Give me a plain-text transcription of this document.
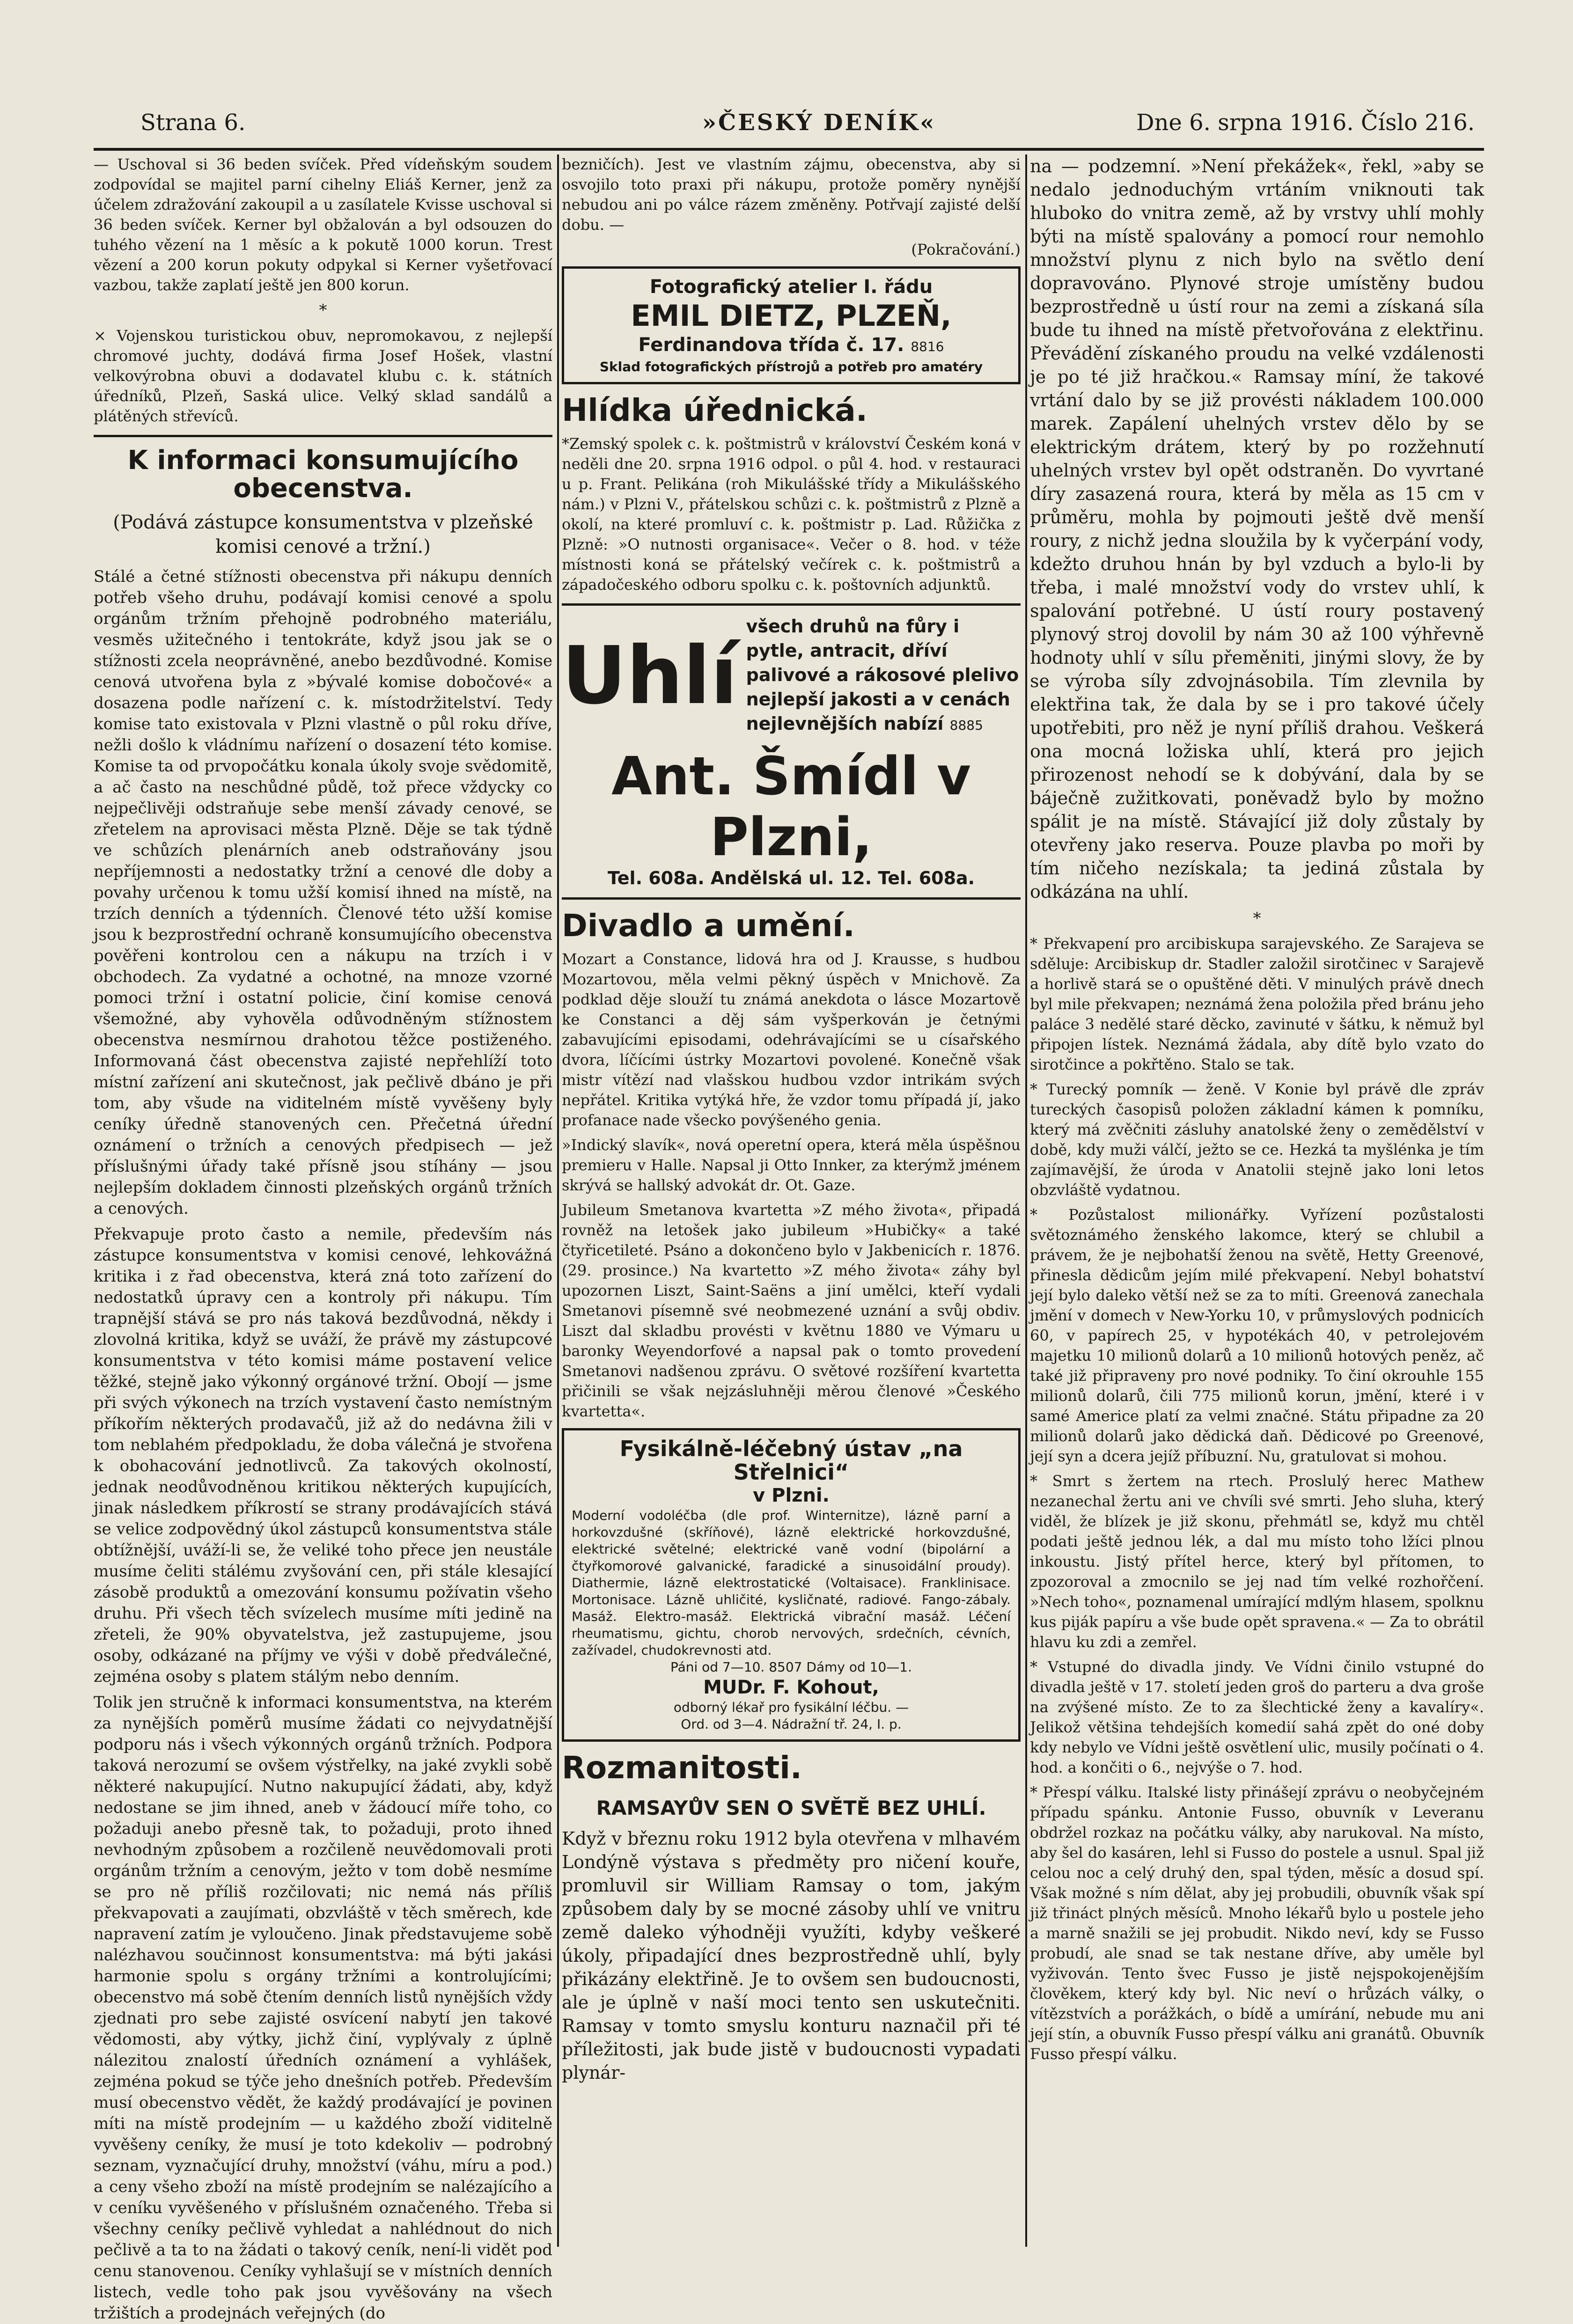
Strana 6.	»ČESKÝ DENÍK«	Dne 6. srpna 1916. Číslo 216.

— Uschoval si 36 beden svíček. Před vídeňským soudem zodpovídal se majitel parní cihelny Eliáš Kerner, jenž za účelem zdražování zakoupil a u zasílatele Kvisse uschoval si 36 beden svíček. Kerner byl obžalován a byl odsouzen do tuhého vězení na 1 měsíc a k pokutě 1000 korun. Trest vězení a 200 korun pokuty odpykal si Kerner vyšetřovací vazbou, takže zaplatí ještě jen 800 korun.

*

× Vojenskou turistickou obuv, nepromokavou, z nejlepší chromové juchty, dodává firma Josef Hošek, vlastní velkovýrobna obuvi a dodavatel klubu c. k. státních úředníků, Plzeň, Saská ulice. Velký sklad sandálů a plátěných střevíců.

K informaci konsumujícího obecenstva.

(Podává zástupce konsumentstva v plzeňské komisi cenové a tržní.)

Stálé a četné stížnosti obecenstva při nákupu denních potřeb všeho druhu, podávají komisi cenové a spolu orgánům tržním přehojně podrobného materiálu, vesměs užitečného i tentokráte, když jsou jak se o stížnosti zcela neoprávněné, anebo bezdůvodné. Komise cenová utvořena byla z »bývalé komise dobočové« a dosazena podle nařízení c. k. místodržitelství. Tedy komise tato existovala v Plzni vlastně o půl roku dříve, nežli došlo k vládnímu nařízení o dosazení této komise. Komise ta od prvopočátku konala úkoly svoje svědomitě, a ač často na neschůdné půdě, tož přece vždycky co nejpečlivěji odstraňuje sebe menší závady cenové, se zřetelem na aprovisaci města Plzně. Děje se tak týdně ve schůzích plenárních aneb odstraňovány jsou nepříjemnosti a nedostatky tržní a cenové dle doby a povahy určenou k tomu užší komisí ihned na místě, na trzích denních a týdenních. Členové této užší komise jsou k bezprostřední ochraně konsumujícího obecenstva pověřeni kontrolou cen a nákupu na trzích i v obchodech. Za vydatné a ochotné, na mnoze vzorné pomoci tržní i ostatní policie, činí komise cenová všemožné, aby vyhověla odůvodněným stížnostem obecenstva nesmírnou drahotou těžce postiženého. Informovaná část obecenstva zajisté nepřehlíží toto místní zařízení ani skutečnost, jak pečlivě dbáno je při tom, aby všude na viditelném místě vyvěšeny byly ceníky úředně stanovených cen. Přečetná úřední oznámení o tržních a cenových předpisech — jež příslušnými úřady také přísně jsou stíhány — jsou nejlepším dokladem činnosti plzeňských orgánů tržních a cenových.

Překvapuje proto často a nemile, především nás zástupce konsumentstva v komisi cenové, lehkovážná kritika i z řad obecenstva, která zná toto zařízení do nedostatků úpravy cen a kontroly při nákupu. Tím trapnější stává se pro nás taková bezdůvodná, někdy i zlovolná kritika, když se uváží, že právě my zástupcové konsumentstva v této komisi máme postavení velice těžké, stejně jako výkonný orgánové tržní. Obojí — jsme při svých výkonech na trzích vystavení často nemístným příkořím některých prodavačů, již až do nedávna žili v tom neblahém předpokladu, že doba válečná je stvořena k obohacování jednotlivců. Za takových okolností, jednak neodůvodněnou kritikou některých kupujících, jinak následkem příkrostí se strany prodávajících stává se velice zodpovědný úkol zástupců konsumentstva stále obtížnější, uváží-li se, že veliké toho přece jen neustále musíme čeliti stálému zvyšování cen, při stále klesající zásobě produktů a omezování konsumu požívatin všeho druhu. Při všech těch svízelech musíme míti jedině na zřeteli, že 90% obyvatelstva, jež zastupujeme, jsou osoby, odkázané na příjmy ve výši v době předválečné, zejména osoby s platem stálým nebo denním.

Tolik jen stručně k informaci konsumentstva, na kterém za nynějších poměrů musíme žádati co nejvydatnější podporu nás i všech výkonných orgánů tržních. Podpora taková nerozumí se ovšem výstřelky, na jaké zvykli sobě některé nakupující. Nutno nakupující žádati, aby, když nedostane se jim ihned, aneb v žádoucí míře toho, co požaduji anebo přesně tak, to požaduji, proto ihned nevhodným způsobem a rozčileně neuvědomovali proti orgánům tržním a cenovým, ježto v tom době nesmíme se pro ně příliš rozčilovati; nic nemá nás příliš překvapovati a zaujímati, obzvláště v těch směrech, kde napravení zatím je vyloučeno. Jinak představujeme sobě nalézhavou součinnost konsumentstva: má býti jakási harmonie spolu s orgány tržními a kontrolujícími; obecenstvo má sobě čtením denních listů nynějších vždy zjednati pro sebe zajisté osvícení nabytí jen takové vědomosti, aby výtky, jichž činí, vyplývaly z úplně nálezitou znalostí úředních oznámení a vyhlášek, zejména pokud se týče jeho dnešních potřeb. Především musí obecenstvo vědět, že každý prodávající je povinen míti na místě prodejním — u každého zboží viditelně vyvěšeny ceníky, že musí je toto kdekoliv — podrobný seznam, vyznačující druhy, množství (váhu, míru a pod.) a ceny všeho zboží na místě prodejním se nalézajícího a v ceníku vyvěšeného v příslušném označeného. Třeba si všechny ceníky pečlivě vyhledat a nahlédnout do nich pečlivě a ta to na žádati o takový ceník, není-li vidět pod cenu stanovenou. Ceníky vyhlašují se v místních denních listech, vedle toho pak jsou vyvěšovány na všech tržištích a prodejnách veřejných (do

bezničích). Jest ve vlastním zájmu, obecenstva, aby si osvojilo toto praxi při nákupu, protože poměry nynější nebudou ani po válce rázem změněny. Potřvají zajisté delší dobu. —

(Pokračování.)

Fotografický atelier I. řádu
EMIL DIETZ, PLZEŇ,
Ferdinandova třída č. 17. 8816
Sklad fotografických přístrojů a potřeb pro amatéry
Hlídka úřednická.

*Zemský spolek c. k. poštmistrů v království Českém koná v neděli dne 20. srpna 1916 odpol. o půl 4. hod. v restauraci u p. Frant. Pelikána (roh Mikulášské třídy a Mikulášského nám.) v Plzni V., přátelskou schůzi c. k. poštmistrů z Plzně a okolí, na které promluví c. k. poštmistr p. Lad. Růžička z Plzně: »O nutnosti organisace«. Večer o 8. hod. v téže místnosti koná se přátelský večírek c. k. poštmistrů a západočeského odboru spolku c. k. poštovních adjunktů.

Uhlí
všech druhů na fůry i pytle, antracit, dříví palivové a rákosové plelivo nejlepší jakosti a v cenách nejlevnějších nabízí 8885
Ant. Šmídl v Plzni,

Tel. 608a. Andělská ul. 12. Tel. 608a.

Divadlo a umění.

Mozart a Constance, lidová hra od J. Krausse, s hudbou Mozartovou, měla velmi pěkný úspěch v Mnichově. Za podklad děje slouží tu známá anekdota o lásce Mozartově ke Constanci a děj sám vyšperkován je četnými zabavujícími episodami, odehrávajícími se u císařského dvora, líčícími ústrky Mozartovi povolené. Konečně však mistr vítězí nad vlašskou hudbou vzdor intrikám svých nepřátel. Kritika vytýká hře, že vzdor tomu případá jí, jako profanace nade všecko povýšeného genia.

»Indický slavík«, nová operetní opera, která měla úspěšnou premieru v Halle. Napsal ji Otto Innker, za kterýmž jménem skrývá se hallský advokát dr. Ot. Gaze.

Jubileum Smetanova kvartetta »Z mého života«, připadá rovněž na letošek jako jubileum »Hubičky« a také čtyřicetileté. Psáno a dokončeno bylo v Jakbenicích r. 1876. (29. prosince.) Na kvartetto »Z mého života« záhy byl upozornen Liszt, Saint-Saëns a jiní umělci, kteří vydali Smetanovi písemně své neobmezené uznání a svůj obdiv. Liszt dal skladbu provésti v květnu 1880 ve Výmaru u baronky Weyendorfové a napsal pak o tomto provedení Smetanovi nadšenou zprávu. O světové rozšíření kvartetta přičinili se však nejzásluhněji měrou členové »Českého kvartetta«.

Fysikálně-léčebný ústav „na Střelnici“
v Plzni.
Moderní vodoléčba (dle prof. Winternitze), lázně parní a horkovzdušné (skříňové), lázně elektrické horkovzdušné, elektrické světelné; elektrické vaně vodní (bipolární a čtyřkomorové galvanické, faradické a sinusoidální proudy). Diathermie, lázně elektrostatické (Voltaisace). Franklinisace. Mortonisace. Lázně uhličité, kysličnaté, radiové. Fango-zábaly. Masáž. Elektro-masáž. Elektrická vibrační masáž. Léčení rheumatismu, gichtu, chorob nervových, srdečních, cévních, zažívadel, chudokrevnosti atd.
Páni od 7—10. 8507 Dámy od 10—1.
MUDr. F. Kohout,
odborný lékař pro fysikální léčbu. —
Ord. od 3—4. Nádražní tř. 24, I. p.
Rozmanitosti.
RAMSAYŮV SEN O SVĚTĚ BEZ UHLÍ.

Když v březnu roku 1912 byla otevřena v mlhavém Londýně výstava s předměty pro ničení kouře, promluvil sir William Ramsay o tom, jakým způsobem daly by se mocné zásoby uhlí ve vnitru země daleko výhodněji využíti, kdyby veškeré úkoly, připadající dnes bezprostředně uhlí, byly přikázány elektřině. Je to ovšem sen budoucnosti, ale je úplně v naší moci tento sen uskutečniti. Ramsay v tomto smyslu konturu naznačil při té příležitosti, jak bude jistě v budoucnosti vypadati plynár-

na — podzemní. »Není překážek«, řekl, »aby se nedalo jednoduchým vrtáním vniknouti tak hluboko do vnitra země, až by vrstvy uhlí mohly býti na místě spalovány a pomocí rour nemohlo množství plynu z nich bylo na světlo dení dopravováno. Plynové stroje umístěny budou bezprostředně u ústí rour na zemi a získaná síla bude tu ihned na místě přetvořována z elektřinu. Převádění získaného proudu na velké vzdálenosti je po té již hračkou.« Ramsay míní, že takové vrtání dalo by se již provésti nákladem 100.000 marek. Zapálení uhelných vrstev dělo by se elektrickým drátem, který by po rozžehnutí uhelných vrstev byl opět odstraněn. Do vyvrtané díry zasazená roura, která by měla as 15 cm v průměru, mohla by pojmouti ještě dvě menší roury, z nichž jedna sloužila by k vyčerpání vody, kdežto druhou hnán by byl vzduch a bylo-li by třeba, i malé množství vody do vrstev uhlí, k spalování potřebné. U ústí roury postavený plynový stroj dovolil by nám 30 až 100 výhřevně hodnoty uhlí v sílu přeměniti, jinými slovy, že by se výroba síly zdvojnásobila. Tím zlevnila by elektřina tak, že dala by se i pro takové účely upotřebiti, pro něž je nyní příliš drahou. Veškerá ona mocná ložiska uhlí, která pro jejich přirozenost nehodí se k dobývání, dala by se báječně zužitkovati, poněvadž bylo by možno spálit je na místě. Stávající již doly zůstaly by otevřeny jako reserva. Pouze plavba po moři by tím ničeho nezískala; ta jediná zůstala by odkázána na uhlí.

*

* Překvapení pro arcibiskupa sarajevského. Ze Sarajeva se sděluje: Arcibiskup dr. Stadler založil sirotčinec v Sarajevě a horlivě stará se o opuštěné děti. V minulých právě dnech byl mile překvapen; neznámá žena položila před bránu jeho paláce 3 nedělé staré děcko, zavinuté v šátku, k němuž byl připojen lístek. Neznámá žádala, aby dítě bylo vzato do sirotčince a pokřtěno. Stalo se tak.

* Turecký pomník — ženě. V Konie byl právě dle zpráv tureckých časopisů položen základní kámen k pomníku, který má zvěčniti zásluhy anatolské ženy o zemědělství v době, kdy muži válčí, ježto se ce. Hezká ta myšlénka je tím zajímavější, že úroda v Anatolii stejně jako loni letos obzvláště vydatnou.

* Pozůstalost milionářky. Vyřízení pozůstalosti světoznámého ženského lakomce, který se chlubil a právem, že je nejbohatší ženou na světě, Hetty Greenové, přinesla dědicům jejím milé překvapení. Nebyl bohatství její bylo daleko větší než se za to míti. Greenová zanechala jmění v domech v New-Yorku 10, v průmyslových podnicích 60, v papírech 25, v hypotékách 40, v petrolejovém majetku 10 milionů dolarů a 10 milionů hotových peněz, ač také již připraveny pro nové podniky. To činí okrouhle 155 milionů dolarů, čili 775 milionů korun, jmění, které i v samé Americe platí za velmi značné. Státu připadne za 20 milionů dolarů jako dědická daň. Dědicové po Greenové, její syn a dcera jejíž příbuzní. Nu, gratulovat si mohou.

* Smrt s žertem na rtech. Proslulý herec Mathew nezanechal žertu ani ve chvíli své smrti. Jeho sluha, který viděl, že blízek je již skonu, přehmátl se, když mu chtěl podati ještě jednou lék, a dal mu místo toho lžíci plnou inkoustu. Jistý přítel herce, který byl přítomen, to zpozoroval a zmocnilo se jej nad tím velké rozhořčení. »Nech toho«, poznamenal umírající mdlým hlasem, spolknu kus piják papíru a vše bude opět spravena.« — Za to obrátil hlavu ku zdi a zemřel.

* Vstupné do divadla jindy. Ve Vídni činilo vstupné do divadla ještě v 17. století jeden groš do parteru a dva groše na zvýšené místo. Ze to za šlechtické ženy a kavalíry«. Jelikož většina tehdejších komedií sahá zpět do oné doby kdy nebylo ve Vídni ještě osvětlení ulic, musily počínati o 4. hod. a končiti o 6., nejvýše o 7. hod.

* Přespí válku. Italské listy přinášejí zprávu o neobyčejném případu spánku. Antonie Fusso, obuvník v Leveranu obdržel rozkaz na počátku války, aby narukoval. Na místo, aby šel do kasáren, lehl si Fusso do postele a usnul. Spal již celou noc a celý druhý den, spal týden, měsíc a dosud spí. Však možné s ním dělat, aby jej probudili, obuvník však spí již třináct plných měsíců. Mnoho lékařů bylo u postele jeho a marně snažili se jej probudit. Nikdo neví, kdy se Fusso probudí, ale snad se tak nestane dříve, aby uměle byl vyživován. Tento švec Fusso je jistě nejspokojenějším člověkem, který kdy byl. Nic neví o hrůzách války, o vítězstvích a porážkách, o bídě a umírání, nebude mu ani její stín, a obuvník Fusso přespí válku ani granátů. Obuvník Fusso přespí válku.
